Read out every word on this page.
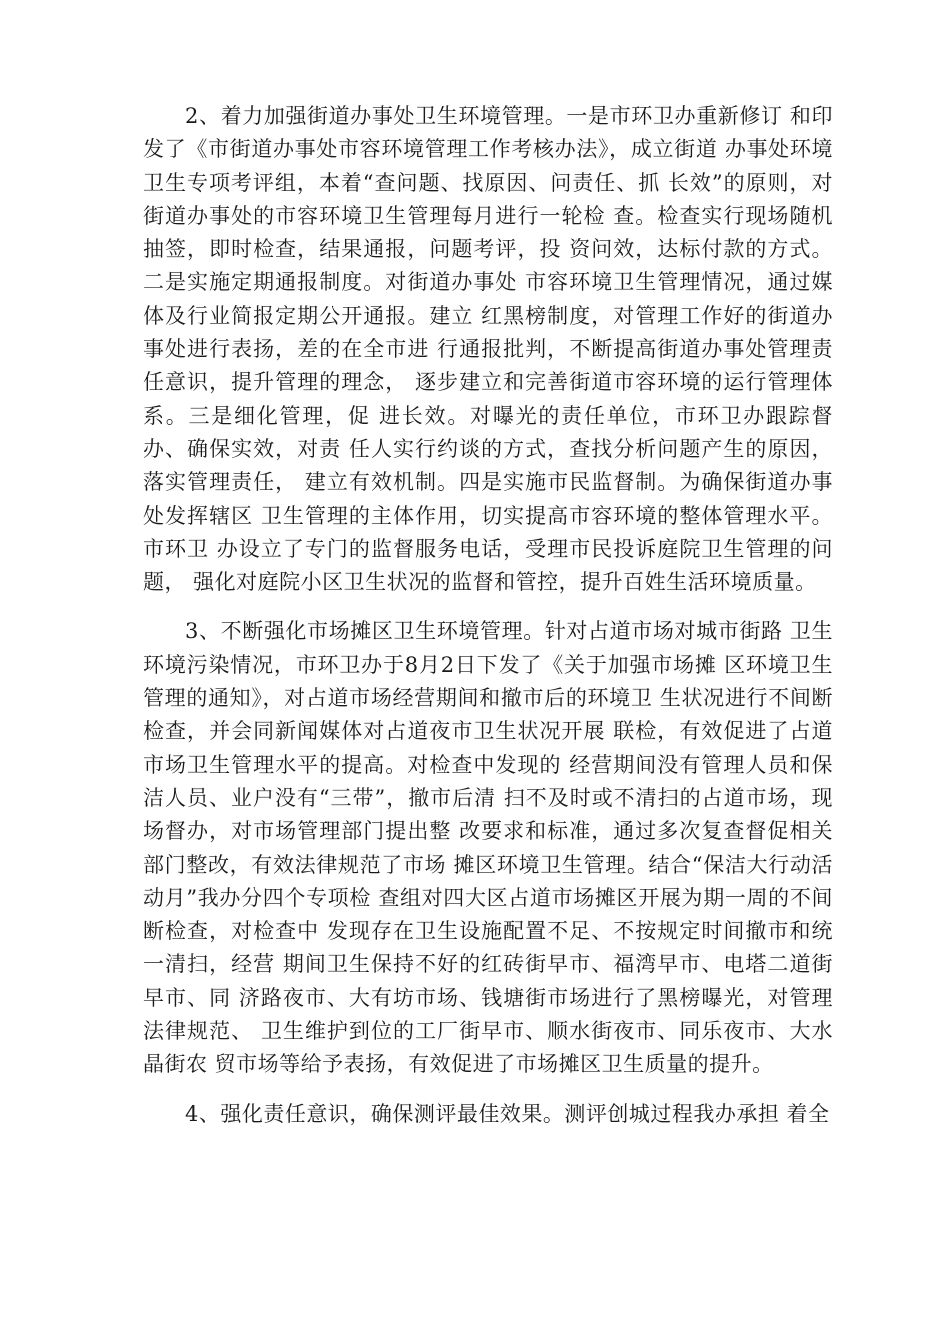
2、着力加强街道办事处卫生环境管理。一是市环卫办重新修订 和印发了《市街道办事处市容环境管理工作考核办法》，成立街道 办事处环境卫生专项考评组，本着“查问题、找原因、问责任、抓 长效”的原则，对街道办事处的市容环境卫生管理每月进行一轮检 查。检查实行现场随机抽签，即时检查，结果通报，问题考评，投 资问效，达标付款的方式。二是实施定期通报制度。对街道办事处 市容环境卫生管理情况，通过媒体及行业简报定期公开通报。建立 红黑榜制度，对管理工作好的街道办事处进行表扬，差的在全市进 行通报批判，不断提高街道办事处管理责任意识，提升管理的理念， 逐步建立和完善街道市容环境的运行管理体系。三是细化管理，促 进长效。对曝光的责任单位，市环卫办跟踪督办、确保实效，对责 任人实行约谈的方式，查找分析问题产生的原因，落实管理责任， 建立有效机制。四是实施市民监督制。为确保街道办事处发挥辖区 卫生管理的主体作用，切实提高市容环境的整体管理水平。市环卫 办设立了专门的监督服务电话，受理市民投诉庭院卫生管理的问题， 强化对庭院小区卫生状况的监督和管控，提升百姓生活环境质量。

3、不断强化市场摊区卫生环境管理。针对占道市场对城市街路 卫生环境污染情况，市环卫办于8月2日下发了《关于加强市场摊 区环境卫生管理的通知》，对占道市场经营期间和撤市后的环境卫 生状况进行不间断检查，并会同新闻媒体对占道夜市卫生状况开展 联检，有效促进了占道市场卫生管理水平的提高。对检查中发现的 经营期间没有管理人员和保洁人员、业户没有“三带”，撤市后清 扫不及时或不清扫的占道市场，现场督办，对市场管理部门提出整 改要求和标准，通过多次复查督促相关部门整改，有效法律规范了市场 摊区环境卫生管理。结合“保洁大行动活动月”我办分四个专项检 查组对四大区占道市场摊区开展为期一周的不间断检查，对检查中 发现存在卫生设施配置不足、不按规定时间撤市和统一清扫，经营 期间卫生保持不好的红砖街早市、福湾早市、电塔二道街早市、同 济路夜市、大有坊市场、钱塘街市场进行了黑榜曝光，对管理法律规范、 卫生维护到位的工厂街早市、顺水街夜市、同乐夜市、大水晶街农 贸市场等给予表扬，有效促进了市场摊区卫生质量的提升。

4、强化责任意识，确保测评最佳效果。测评创城过程我办承担 着全
